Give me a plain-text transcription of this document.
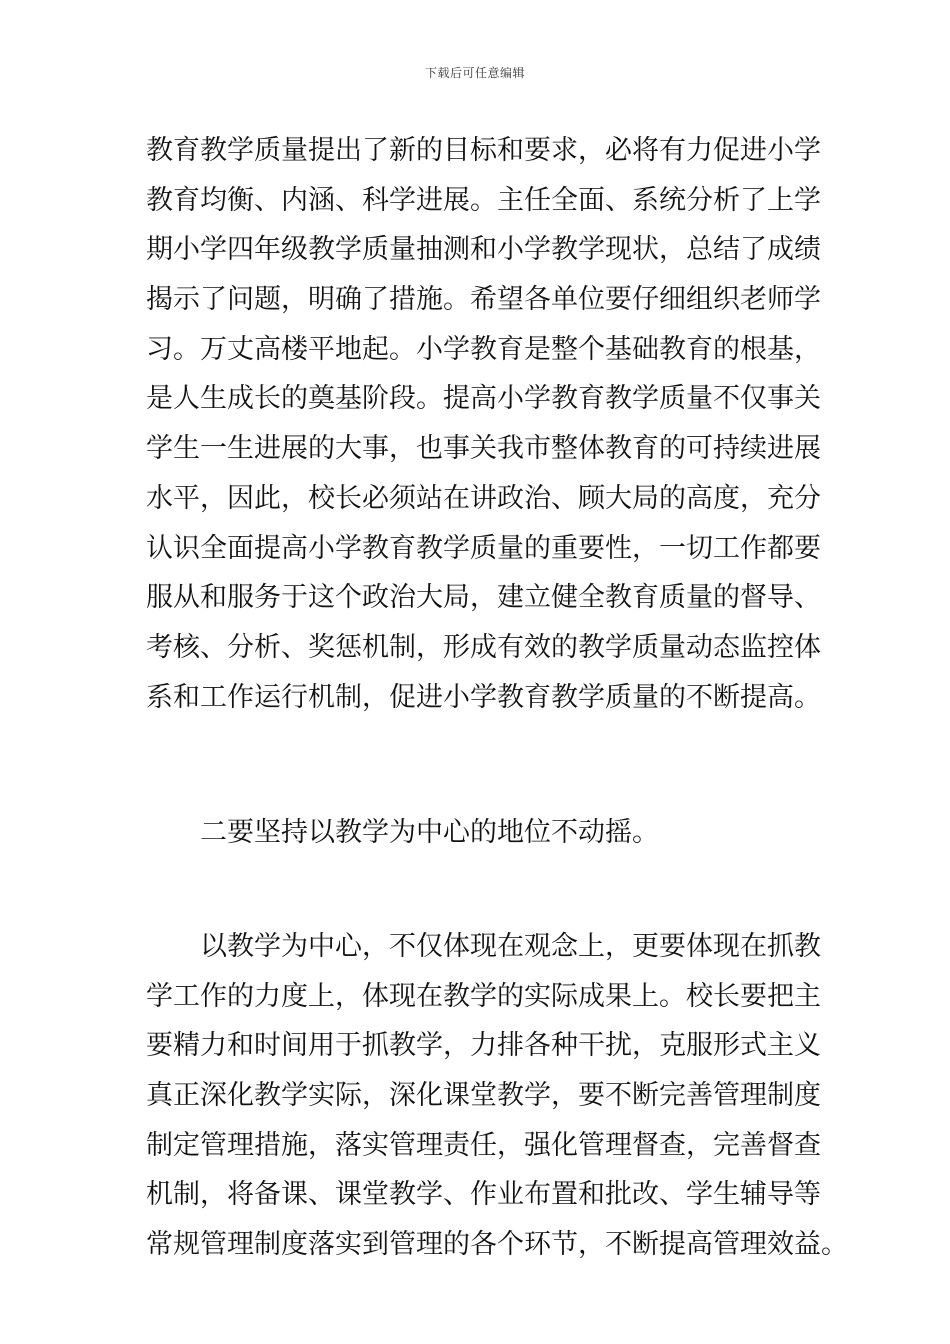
下载后可任意编辑
教育教学质量提出了新的目标和要求，必将有力促进小学
教育均衡、内涵、科学进展。主任全面、系统分析了上学
期小学四年级教学质量抽测和小学教学现状，总结了成绩
揭示了问题，明确了措施。希望各单位要仔细组织老师学
习。万丈高楼平地起。小学教育是整个基础教育的根基，
是人生成长的奠基阶段。提高小学教育教学质量不仅事关
学生一生进展的大事，也事关我市整体教育的可持续进展
水平，因此，校长必须站在讲政治、顾大局的高度，充分
认识全面提高小学教育教学质量的重要性，一切工作都要
服从和服务于这个政治大局，建立健全教育质量的督导、
考核、分析、奖惩机制，形成有效的教学质量动态监控体
系和工作运行机制，促进小学教育教学质量的不断提高。
二要坚持以教学为中心的地位不动摇。
以教学为中心，不仅体现在观念上，更要体现在抓教
学工作的力度上，体现在教学的实际成果上。校长要把主
要精力和时间用于抓教学，力排各种干扰，克服形式主义
真正深化教学实际，深化课堂教学，要不断完善管理制度
制定管理措施，落实管理责任，强化管理督查，完善督查
机制，将备课、课堂教学、作业布置和批改、学生辅导等
常规管理制度落实到管理的各个环节，不断提高管理效益。
